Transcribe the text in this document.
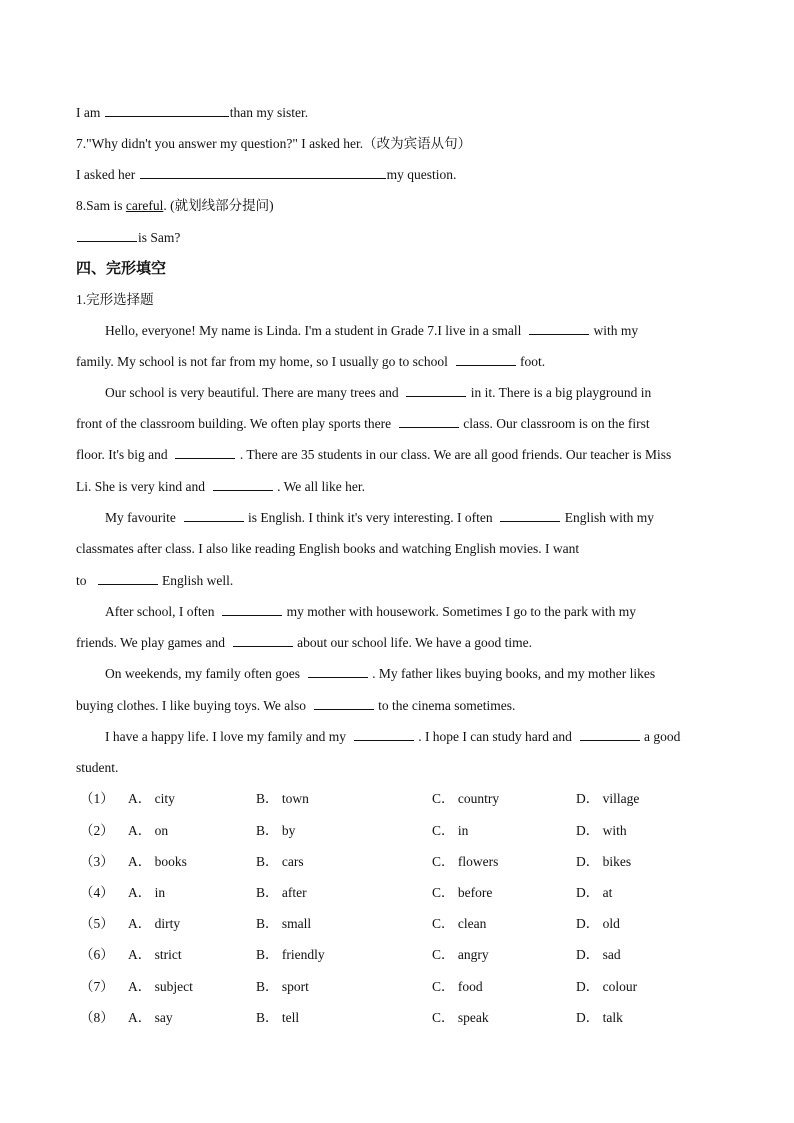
I am	than my sister.
7."Why didn't you answer my question?" I asked her.（改为宾语从句）
I asked her	my question.
8.Sam is careful. (就划线部分提问)
is Sam?
四、完形填空
1.完形选择题
Hello, everyone! My name is Linda. I'm a student in Grade 7.I live in a small	with my
family. My school is not far from my home, so I usually go to school	foot.
Our school is very beautiful. There are many trees and	in it. There is a big playground in
front of the classroom building. We often play sports there	class. Our classroom is on the first
floor. It's big and	. There are 35 students in our class. We are all good friends. Our teacher is Miss
Li. She is very kind and	. We all like her.
My favourite	is English. I think it's very interesting. I often	English with my
classmates after class. I also like reading English books and watching English movies. I want
to	English well.
After school, I often	my mother with housework. Sometimes I go to the park with my
friends. We play games and	about our school life. We have a good time.
On weekends, my family often goes	. My father likes buying books, and my mother likes
buying clothes. I like buying toys. We also	to the cinema sometimes.
I have a happy life. I love my family and my	. I hope I can study hard and	a good
student.
（1） A． city	B． town	C． country	D． village
（2） A． on	B． by	C． in	D． with
（3） A． books	B． cars	C． flowers	D． bikes
（4） A． in	B． after	C． before	D． at
（5） A． dirty	B． small	C． clean	D． old
（6） A． strict	B． friendly	C． angry	D． sad
（7） A． subject	B． sport	C． food	D． colour
（8） A． say	B． tell	C． speak	D． talk
